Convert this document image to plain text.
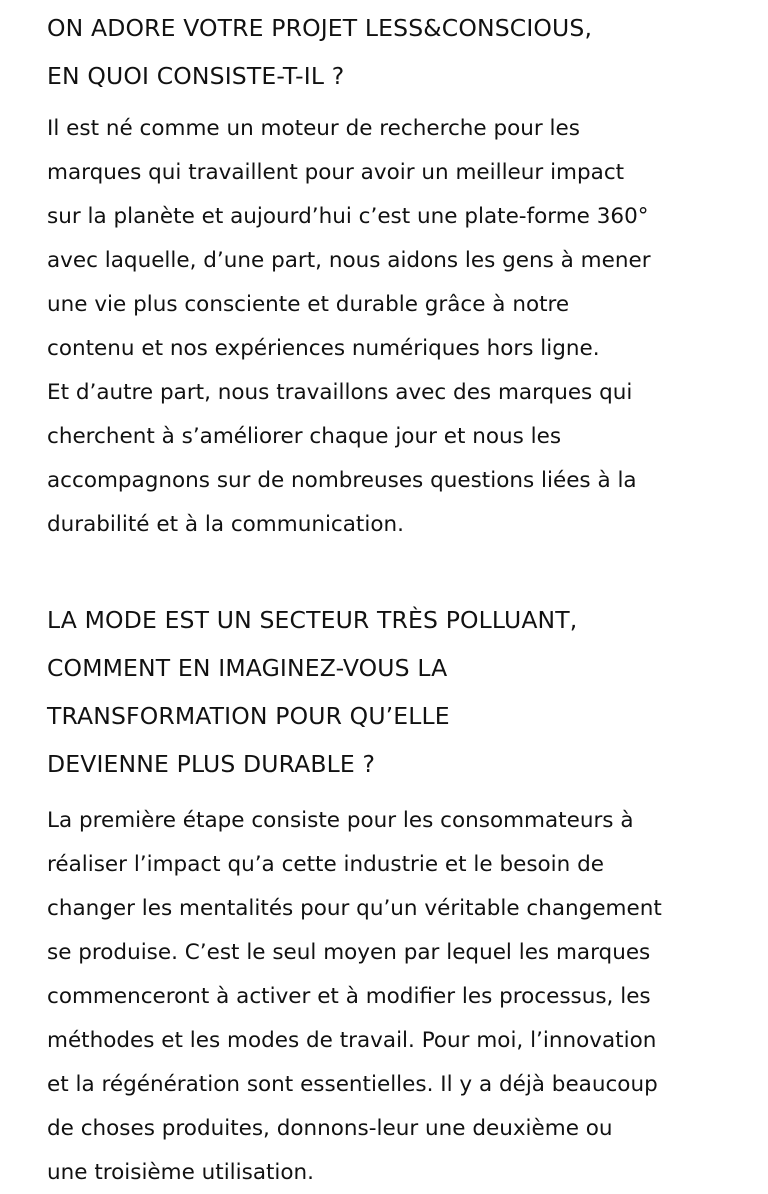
ON ADORE VOTRE PROJET LESS&CONSCIOUS,

EN QUOI CONSISTE-T-IL ?

Il est né comme un moteur de recherche pour les

marques qui travaillent pour avoir un meilleur impact

sur la planète et aujourd’hui c’est une plate-forme 360°

avec laquelle, d’une part, nous aidons les gens à mener

une vie plus consciente et durable grâce à notre

contenu et nos expériences numériques hors ligne.

Et d’autre part, nous travaillons avec des marques qui

cherchent à s’améliorer chaque jour et nous les

accompagnons sur de nombreuses questions liées à la

durabilité et à la communication.

LA MODE EST UN SECTEUR TRÈS POLLUANT,

COMMENT EN IMAGINEZ-VOUS LA

TRANSFORMATION POUR QU’ELLE

DEVIENNE PLUS DURABLE ?

La première étape consiste pour les consommateurs à

réaliser l’impact qu’a cette industrie et le besoin de

changer les mentalités pour qu’un véritable changement

se produise. C’est le seul moyen par lequel les marques

commenceront à activer et à modifier les processus, les

méthodes et les modes de travail. Pour moi, l’innovation

et la régénération sont essentielles. Il y a déjà beaucoup

de choses produites, donnons-leur une deuxième ou

une troisième utilisation.
